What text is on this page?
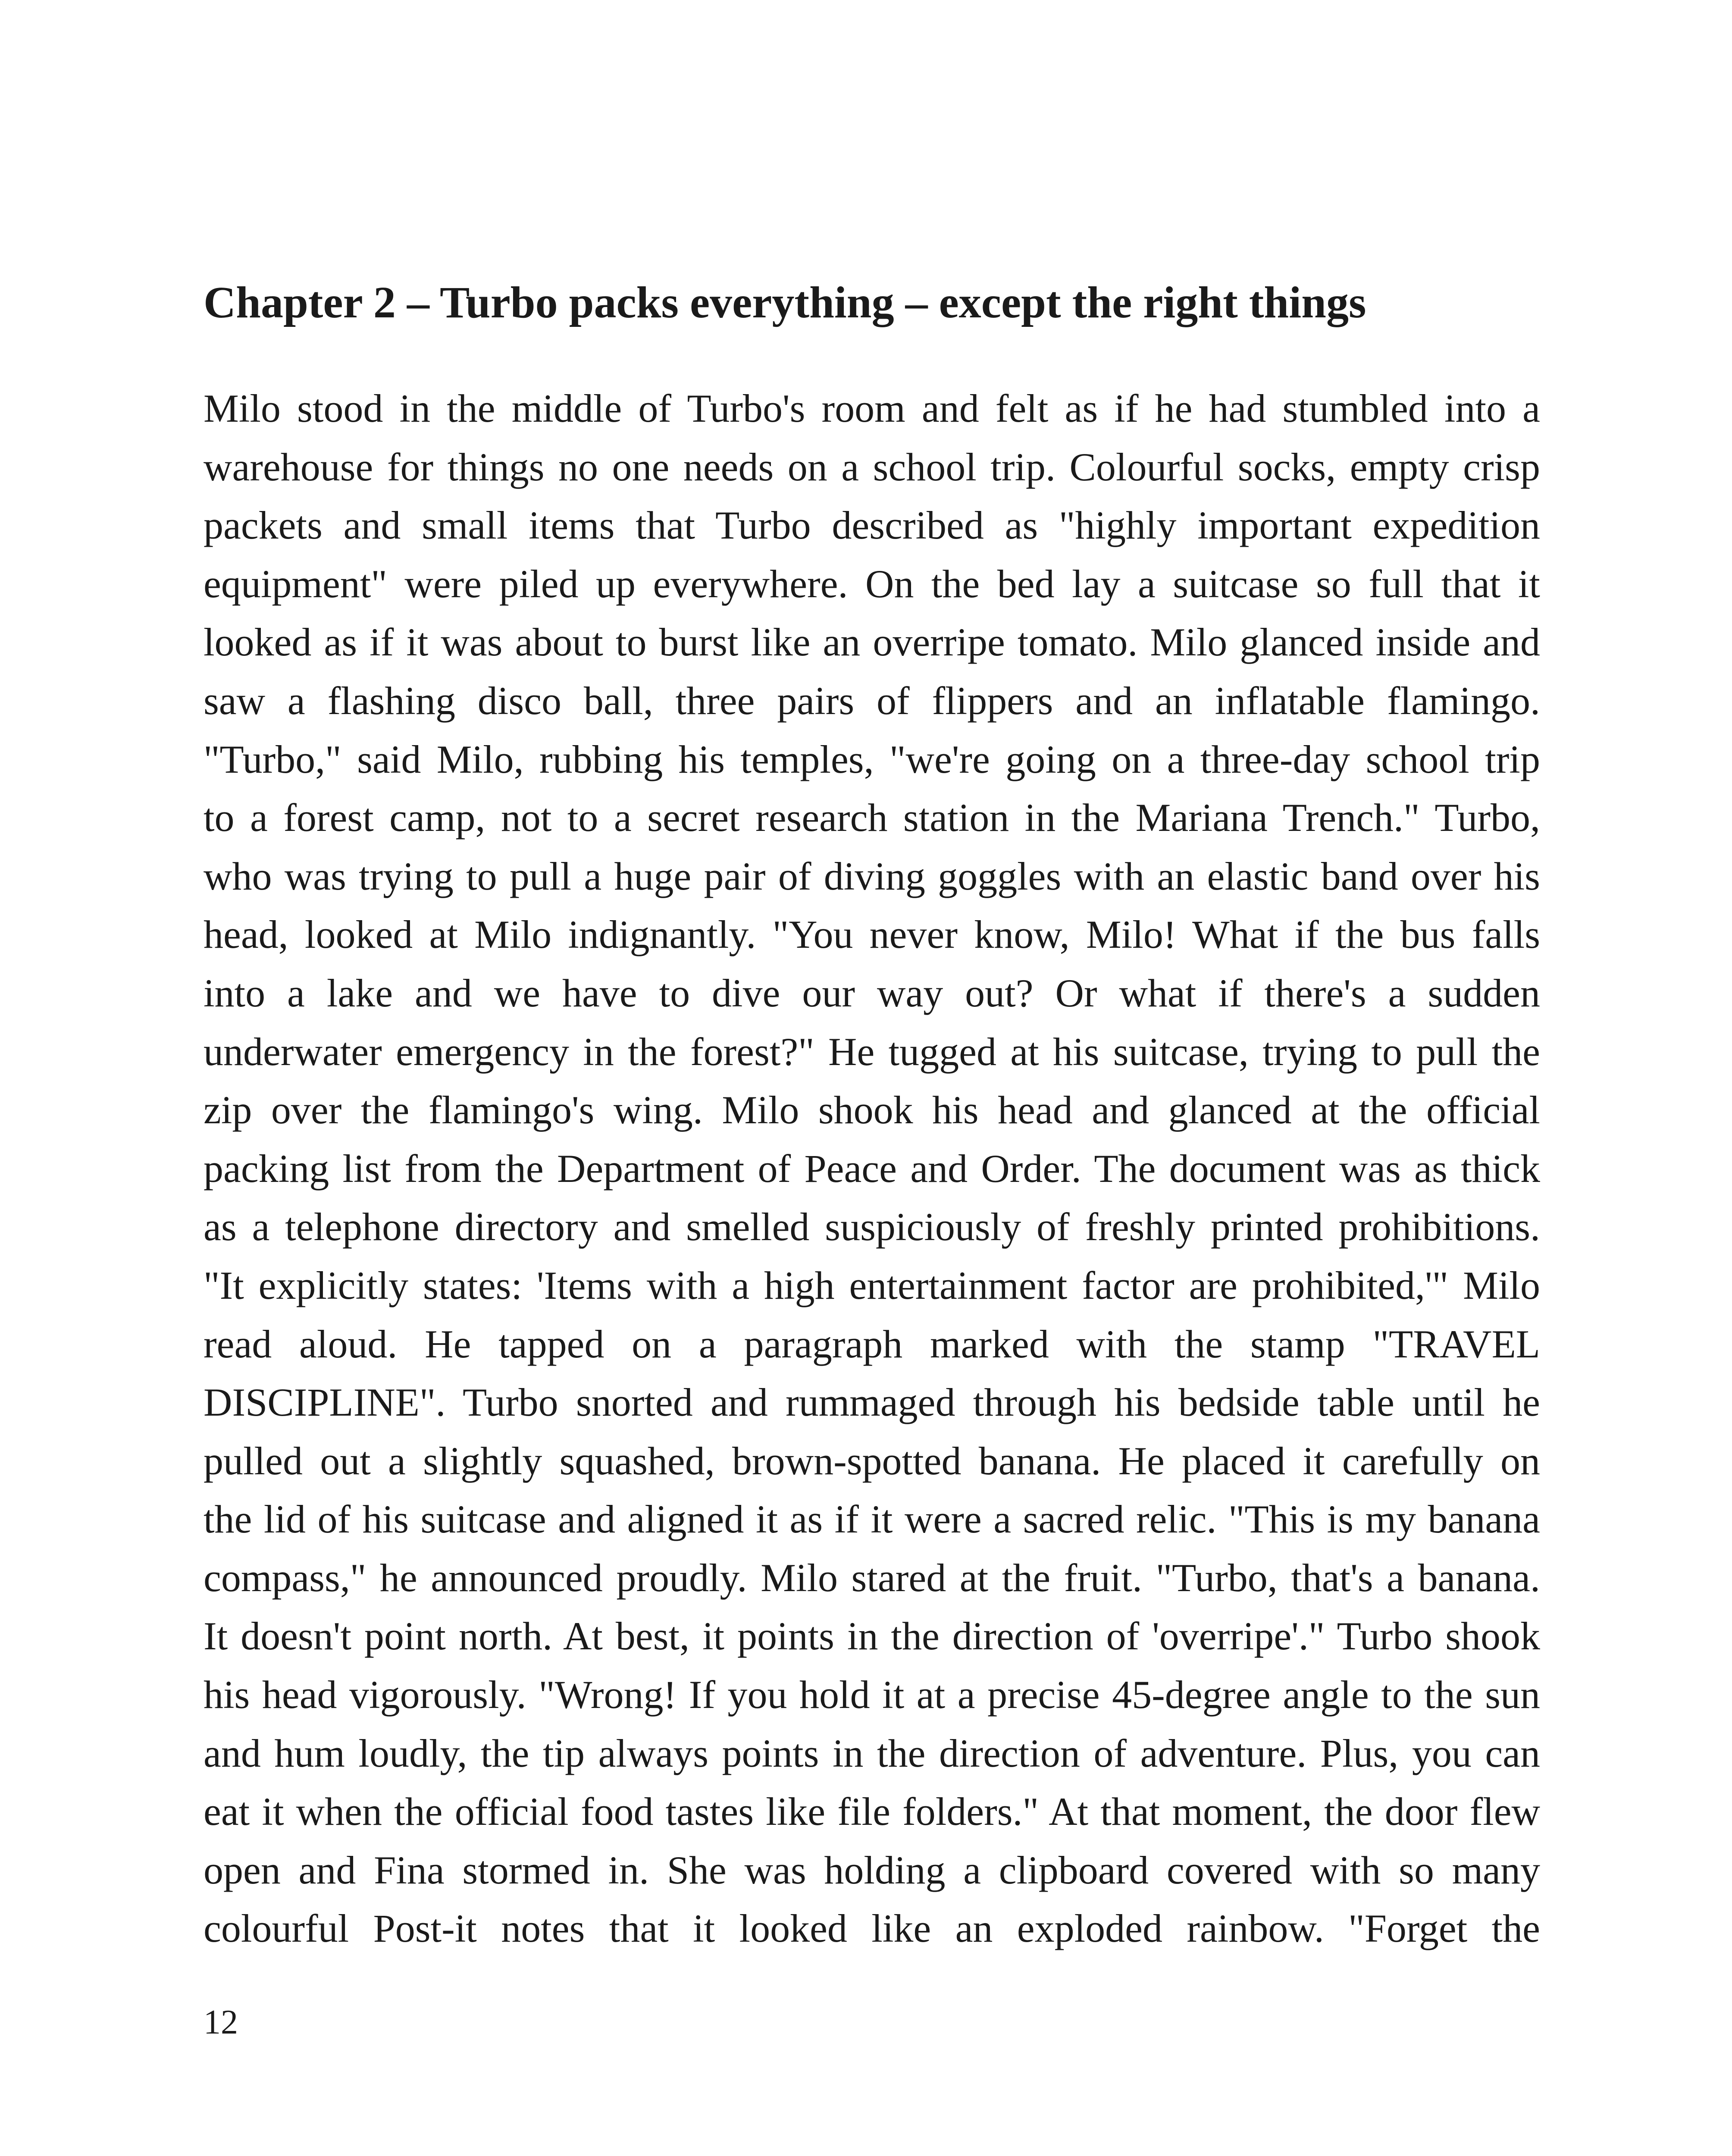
Chapter 2 – Turbo packs everything – except the right things
Milo stood in the middle of Turbo's room and felt as if he had stumbled into a
warehouse for things no one needs on a school trip. Colourful socks, empty crisp
packets and small items that Turbo described as "highly important expedition
equipment" were piled up everywhere. On the bed lay a suitcase so full that it
looked as if it was about to burst like an overripe tomato. Milo glanced inside and
saw a flashing disco ball, three pairs of flippers and an inflatable flamingo.
"Turbo," said Milo, rubbing his temples, "we're going on a three-day school trip
to a forest camp, not to a secret research station in the Mariana Trench." Turbo,
who was trying to pull a huge pair of diving goggles with an elastic band over his
head, looked at Milo indignantly. "You never know, Milo! What if the bus falls
into a lake and we have to dive our way out? Or what if there's a sudden
underwater emergency in the forest?" He tugged at his suitcase, trying to pull the
zip over the flamingo's wing. Milo shook his head and glanced at the official
packing list from the Department of Peace and Order. The document was as thick
as a telephone directory and smelled suspiciously of freshly printed prohibitions.
"It explicitly states: 'Items with a high entertainment factor are prohibited,'" Milo
read aloud. He tapped on a paragraph marked with the stamp "TRAVEL
DISCIPLINE". Turbo snorted and rummaged through his bedside table until he
pulled out a slightly squashed, brown-spotted banana. He placed it carefully on
the lid of his suitcase and aligned it as if it were a sacred relic. "This is my banana
compass," he announced proudly. Milo stared at the fruit. "Turbo, that's a banana.
It doesn't point north. At best, it points in the direction of 'overripe'." Turbo shook
his head vigorously. "Wrong! If you hold it at a precise 45-degree angle to the sun
and hum loudly, the tip always points in the direction of adventure. Plus, you can
eat it when the official food tastes like file folders." At that moment, the door flew
open and Fina stormed in. She was holding a clipboard covered with so many
colourful Post-it notes that it looked like an exploded rainbow. "Forget the
12
